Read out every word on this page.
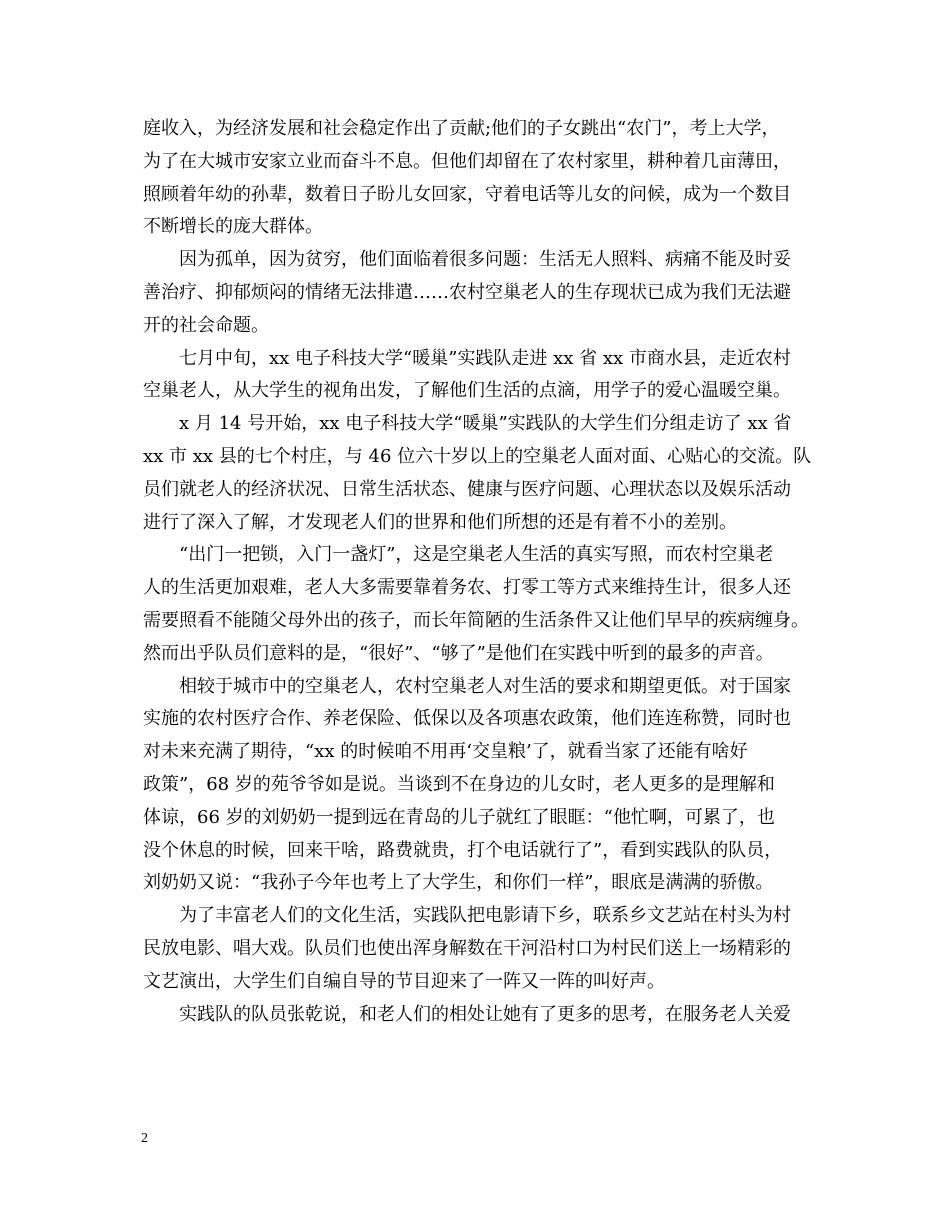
庭收入，为经济发展和社会稳定作出了贡献;他们的子女跳出“农门”，考上大学，

为了在大城市安家立业而奋斗不息。但他们却留在了农村家里，耕种着几亩薄田，

照顾着年幼的孙辈，数着日子盼儿女回家，守着电话等儿女的问候，成为一个数目

不断增长的庞大群体。

　　因为孤单，因为贫穷，他们面临着很多问题：生活无人照料、病痛不能及时妥

善治疗、抑郁烦闷的情绪无法排遣……农村空巢老人的生存现状已成为我们无法避

开的社会命题。

　　七月中旬，xx 电子科技大学“暖巢”实践队走进 xx 省 xx 市商水县，走近农村

空巢老人，从大学生的视角出发，了解他们生活的点滴，用学子的爱心温暖空巢。

　　x 月 14 号开始，xx 电子科技大学“暖巢”实践队的大学生们分组走访了 xx 省

xx 市 xx 县的七个村庄，与 46 位六十岁以上的空巢老人面对面、心贴心的交流。队

员们就老人的经济状况、日常生活状态、健康与医疗问题、心理状态以及娱乐活动

进行了深入了解，才发现老人们的世界和他们所想的还是有着不小的差别。

　　“出门一把锁，入门一盏灯”，这是空巢老人生活的真实写照，而农村空巢老

人的生活更加艰难，老人大多需要靠着务农、打零工等方式来维持生计，很多人还

需要照看不能随父母外出的孩子，而长年简陋的生活条件又让他们早早的疾病缠身。

然而出乎队员们意料的是，“很好”、“够了”是他们在实践中听到的最多的声音。

　　相较于城市中的空巢老人，农村空巢老人对生活的要求和期望更低。对于国家

实施的农村医疗合作、养老保险、低保以及各项惠农政策，他们连连称赞，同时也

对未来充满了期待，“xx 的时候咱不用再‘交皇粮’了，就看当家了还能有啥好

政策”，68 岁的苑爷爷如是说。当谈到不在身边的儿女时，老人更多的是理解和

体谅，66 岁的刘奶奶一提到远在青岛的儿子就红了眼眶：“他忙啊，可累了，也

没个休息的时候，回来干啥，路费就贵，打个电话就行了”，看到实践队的队员，

刘奶奶又说：“我孙子今年也考上了大学生，和你们一样”，眼底是满满的骄傲。

　　为了丰富老人们的文化生活，实践队把电影请下乡，联系乡文艺站在村头为村

民放电影、唱大戏。队员们也使出浑身解数在干河沿村口为村民们送上一场精彩的

文艺演出，大学生们自编自导的节目迎来了一阵又一阵的叫好声。

　　实践队的队员张乾说，和老人们的相处让她有了更多的思考，在服务老人关爱

2
